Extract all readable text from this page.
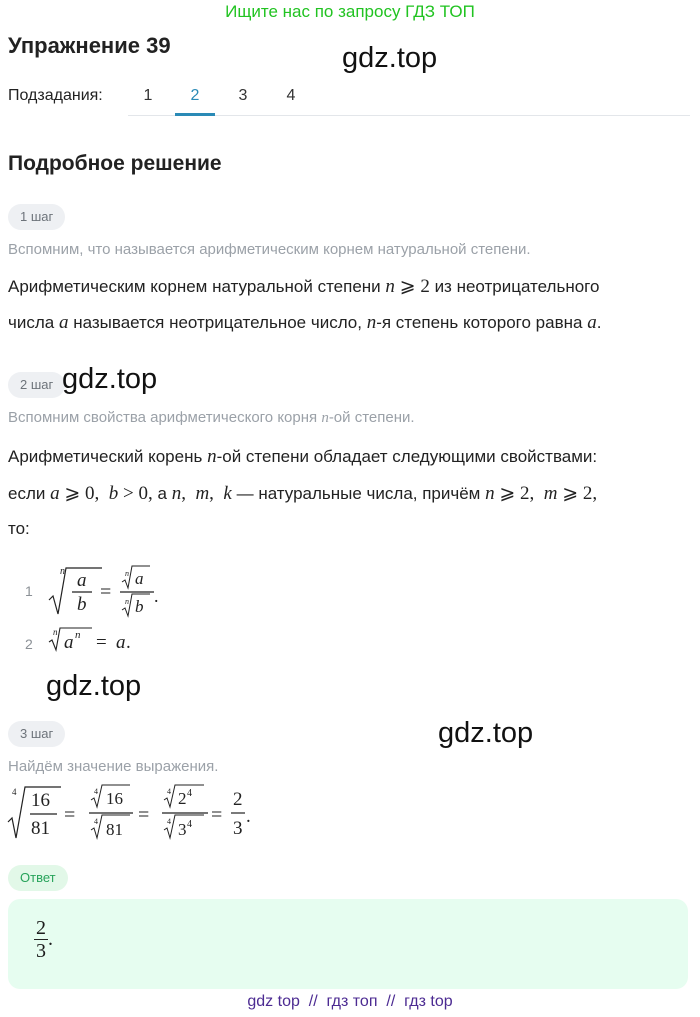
Ищите нас по запросу ГДЗ ТОП
Упражнение 39	gdz.top
Подзадания:	1	2	3	4
Подробное решение
1 шаг
Вспомним, что называется арифметическим корнем натуральной степени.
Арифметическим корнем натуральной степени n ⩾ 2 из неотрицательного
числа a называется неотрицательное число, n-я степень которого равна a.
2 шаг gdz.top
Вспомним свойства арифметического корня n-ой степени.
Арифметический корень n-ой степени обладает следующими свойствами:
если a ⩾ 0,  b > 0, а n,  m,  k — натуральные числа, причём n ⩾ 2,  m ⩾ 2,
то:
1
n a
b
=
n a
n b
.
2
n a n = a .
gdz.top
3 шаг	gdz.top
Найдём значение выражения.
4 16
81
=
4 16
4 81
=
4 2 4
4 3 4 =
2
3
.
Ответ
$\frac{2}{3}$ .
gdz top  //  гдз топ  //  гдз top
